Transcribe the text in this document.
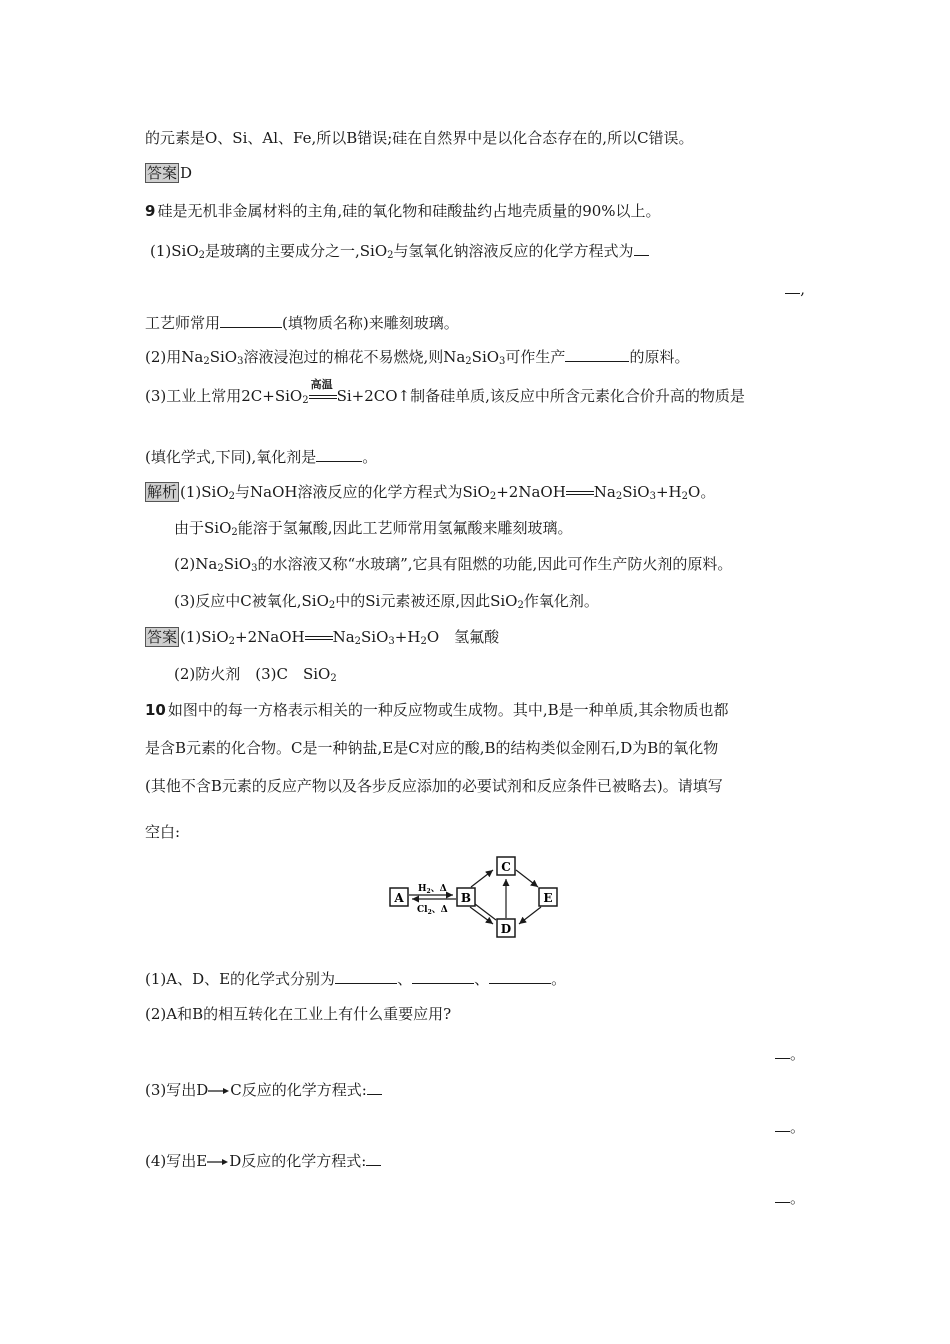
的元素是O、Si、Al、Fe,所以B错误;硅在自然界中是以化合态存在的,所以C错误。
答案 D
9 硅是无机非金属材料的主角,硅的氧化物和硅酸盐约占地壳质量的90%以上。
(1)SiO$_2$是玻璃的主要成分之一,SiO$_2$与氢氧化钠溶液反应的化学方程式为
,
工艺师常用	(填物质名称)来雕刻玻璃。
(2)用$Na_2SiO_3$溶液浸泡过的棉花不易燃烧,则$Na_2SiO_3$可作生产	的原料。
(3)工业上常用2C+SiO$_2$
高温
Si+2CO↑制备硅单质,该反应中所含元素化合价升高的物质是
(填化学式,下同),氧化剂是	。
解析 (1)SiO$_2$与NaOH溶液反应的化学方程式为SiO$_2$+2NaOH $Na_2SiO_3+H_2O$。
由于SiO$_2$能溶于氢氟酸,因此工艺师常用氢氟酸来雕刻玻璃。
$(2)Na_2SiO_3$的水溶液又称“水玻璃”,它具有阻燃的功能,因此可作生产防火剂的原料。
(3)反应中C被氧化,SiO$_2$中的Si元素被还原,因此SiO$_2$作氧化剂。
答案 (1)SiO$_2$+2NaOH $Na_2SiO_3+H_2O$　氢氟酸
(2)防火剂　(3)C　SiO$_2$
10 如图中的每一方格表示相关的一种反应物或生成物。其中,B是一种单质,其余物质也都
是含B元素的化合物。C是一种钠盐,E是C对应的酸,B的结构类似金刚石,D为B的氧化物
(其他不含B元素的反应产物以及各步反应添加的必要试剂和反应条件已被略去)。请填写
空白:
A	B
C
D
E
$H_2$、Δ
$Cl_2$、Δ
(1)A、D、E的化学式分别为	、	、	。
(2)A和B的相互转化在工业上有什么重要应用?
。
(3)写出D C反应的化学方程式:
。
(4)写出E D反应的化学方程式:
。
